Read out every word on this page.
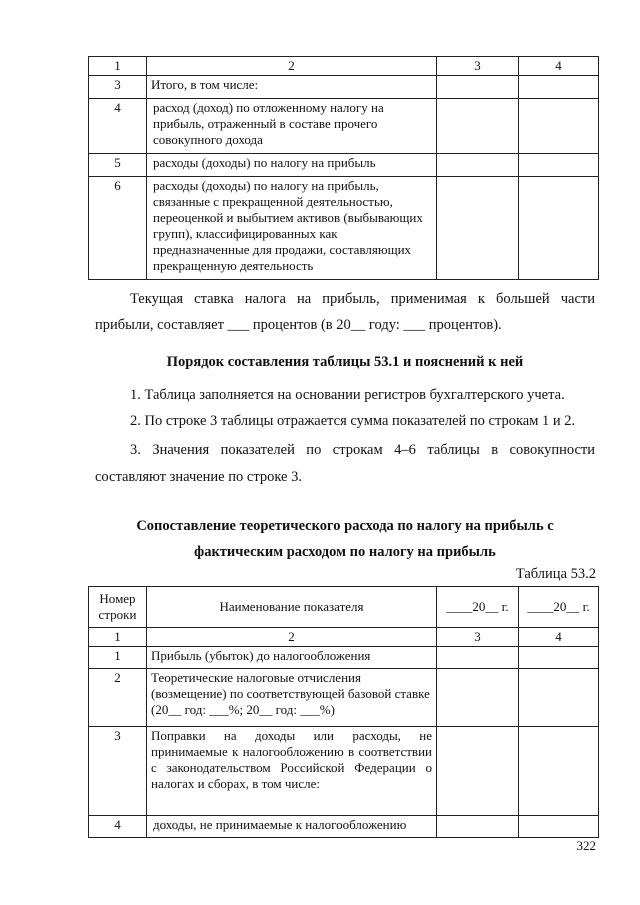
1	2	3	4
3	Итого, в том числе:		
4	расход (доход) по отложенному налогу на прибыль, отраженный в составе прочего совокупного дохода		
5	расходы (доходы) по налогу на прибыль		
6	расходы (доходы) по налогу на прибыль, связанные с прекращенной деятельностью, переоценкой и выбытием активов (выбывающих групп), классифицированных как предназначенные для продажи, составляющих прекращенную деятельность		

Текущая ставка налога на прибыль, применимая к большей части прибыли, составляет ___ процентов (в 20__ году: ___ процентов).

Порядок составления таблицы 53.1 и пояснений к ней

1. Таблица заполняется на основании регистров бухгалтерского учета.

2. По строке 3 таблицы отражается сумма показателей по строкам 1 и 2.

3. Значения показателей по строкам 4–6 таблицы в совокупности составляют значение по строке 3.

Сопоставление теоретического расхода по налогу на прибыль с
фактическим расходом по налогу на прибыль
Таблица 53.2
Номер строки	Наименование показателя	____20__ г.	____20__ г.
1	2	3	4
1	Прибыль (убыток) до налогообложения		
2	Теоретические налоговые отчисления (возмещение) по соответствующей базовой ставке (20__ год: ___%; 20__ год: ___%)		
3	Поправки на доходы или расходы, не принимаемые к налогообложению в соответствии с законодательством Российской Федерации о налогах и сборах, в том числе:		
4	доходы, не принимаемые к налогообложению		
322
